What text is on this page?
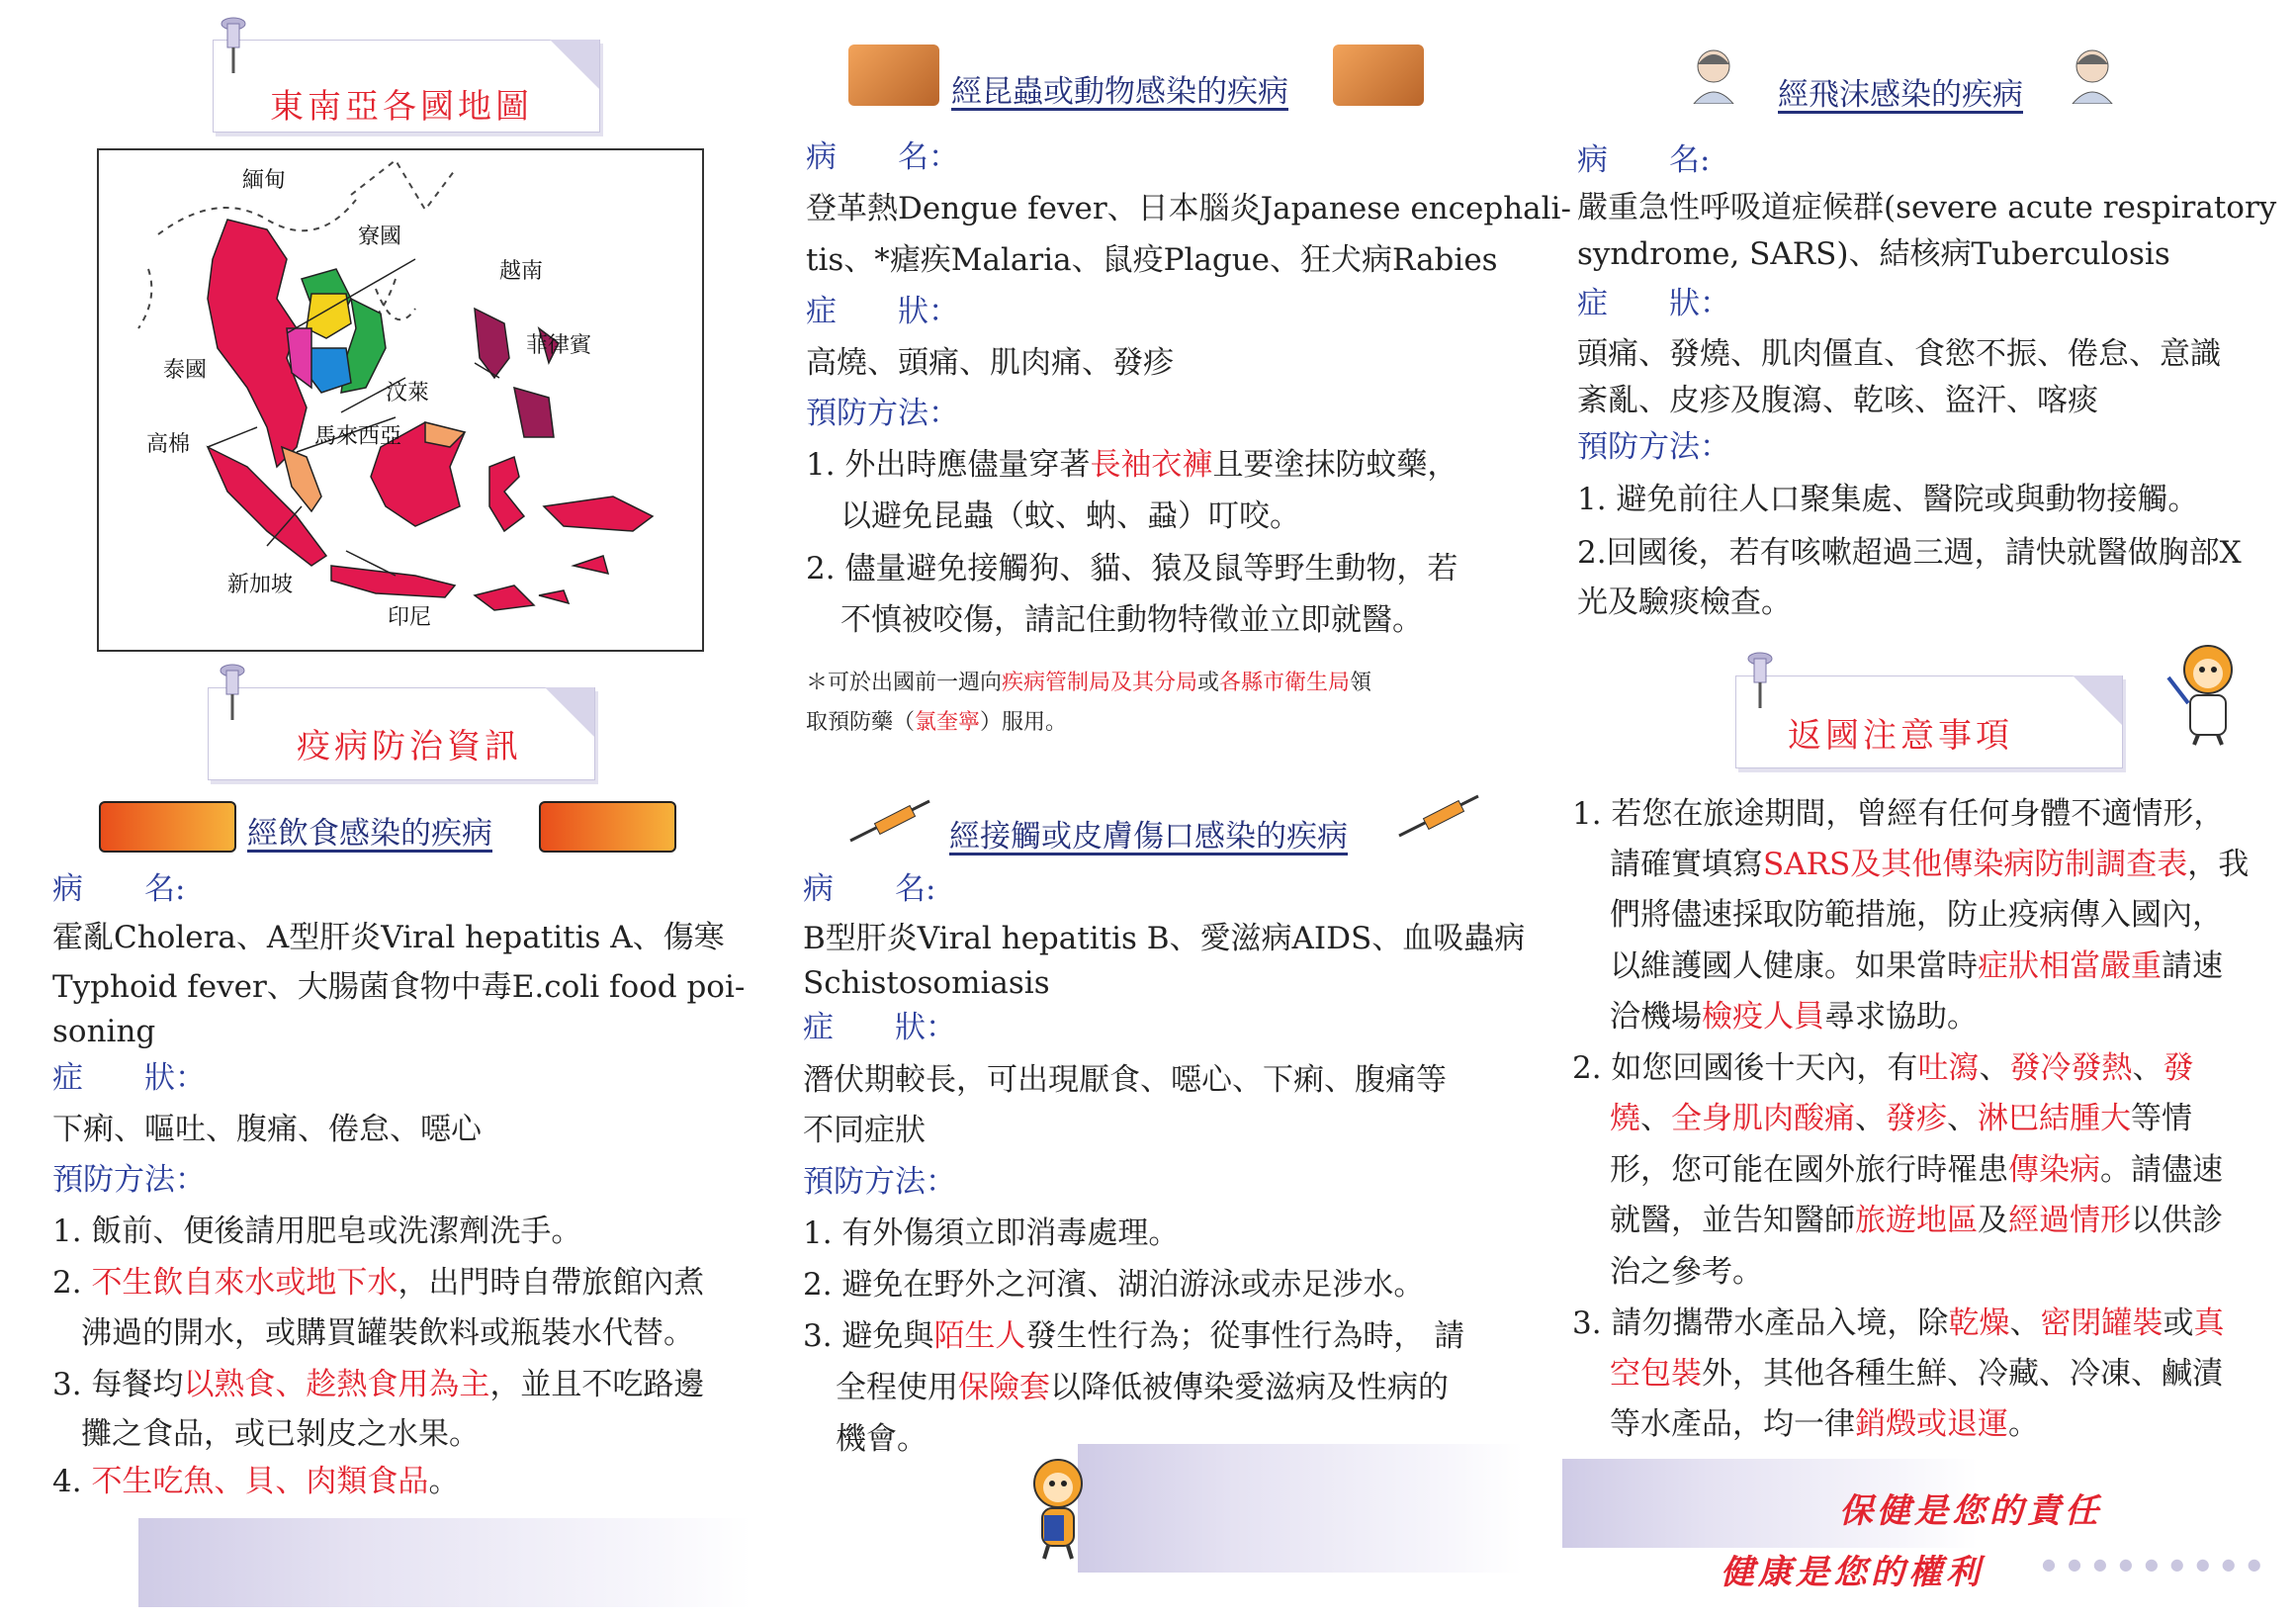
東南亞各國地圖
緬甸
寮國
越南
菲律賓
泰國
汶萊
高棉	馬來西亞
新加坡
印尼
疫病防治資訊
經飲食感染的疾病
病　　名:
霍亂Cholera、A型肝炎Viral hepatitis A、傷寒
Typhoid fever、大腸菌食物中毒E.coli food poi-
soning
症　　狀：
下痢、嘔吐、腹痛、倦怠、噁心
預防方法：
1. 飯前、便後請用肥皂或洗潔劑洗手。
2. 不生飲自來水或地下水，出門時自帶旅館內煮
沸過的開水，或購買罐裝飲料或瓶裝水代替。
3. 每餐均以熟食、趁熱食用為主，並且不吃路邊
攤之食品，或已剝皮之水果。
4. 不生吃魚、貝、肉類食品。
經昆蟲或動物感染的疾病
病　　名：
登革熱Dengue fever、日本腦炎Japanese encephali-
tis、*瘧疾Malaria、鼠疫Plague、狂犬病Rabies
症　　狀：
高燒、頭痛、肌肉痛、發疹
預防方法：
1. 外出時應儘量穿著長袖衣褲且要塗抹防蚊藥，
以避免昆蟲（蚊、蚋、蝨）叮咬。
2. 儘量避免接觸狗、貓、猿及鼠等野生動物，若
不慎被咬傷，請記住動物特徵並立即就醫。
＊可於出國前一週向疾病管制局及其分局或各縣市衛生局領
取預防藥（氯奎寧）服用。
經接觸或皮膚傷口感染的疾病
病　　名:
B型肝炎Viral hepatitis B、愛滋病AIDS、血吸蟲病
Schistosomiasis
症　　狀：
潛伏期較長，可出現厭食、噁心、下痢、腹痛等
不同症狀
預防方法：
1. 有外傷須立即消毒處理。
2. 避免在野外之河濱、湖泊游泳或赤足涉水。
3. 避免與陌生人發生性行為；從事性行為時， 請
全程使用保險套以降低被傳染愛滋病及性病的
機會。
經飛沫感染的疾病
病　　名:
嚴重急性呼吸道症候群(severe acute respiratory
syndrome, SARS)、結核病Tuberculosis
症　　狀：
頭痛、發燒、肌肉僵直、食慾不振、倦怠、意識
紊亂、皮疹及腹瀉、乾咳、盜汗、喀痰
預防方法：
1. 避免前往人口聚集處、醫院或與動物接觸。
2.回國後，若有咳嗽超過三週，請快就醫做胸部X
光及驗痰檢查。
返國注意事項
1. 若您在旅途期間，曾經有任何身體不適情形，
請確實填寫SARS及其他傳染病防制調查表，我
們將儘速採取防範措施，防止疫病傳入國內，
以維護國人健康。如果當時症狀相當嚴重請速
洽機場檢疫人員尋求協助。
2. 如您回國後十天內，有吐瀉、發冷發熱、發
燒、全身肌肉酸痛、發疹、淋巴結腫大等情
形，您可能在國外旅行時罹患傳染病。請儘速
就醫，並告知醫師旅遊地區及經過情形以供診
治之參考。
3. 請勿攜帶水產品入境，除乾燥、密閉罐裝或真
空包裝外，其他各種生鮮、冷藏、冷凍、鹹漬
等水產品，均一律銷燬或退運。
保健是您的責任
健康是您的權利	●●●●●●●●●
